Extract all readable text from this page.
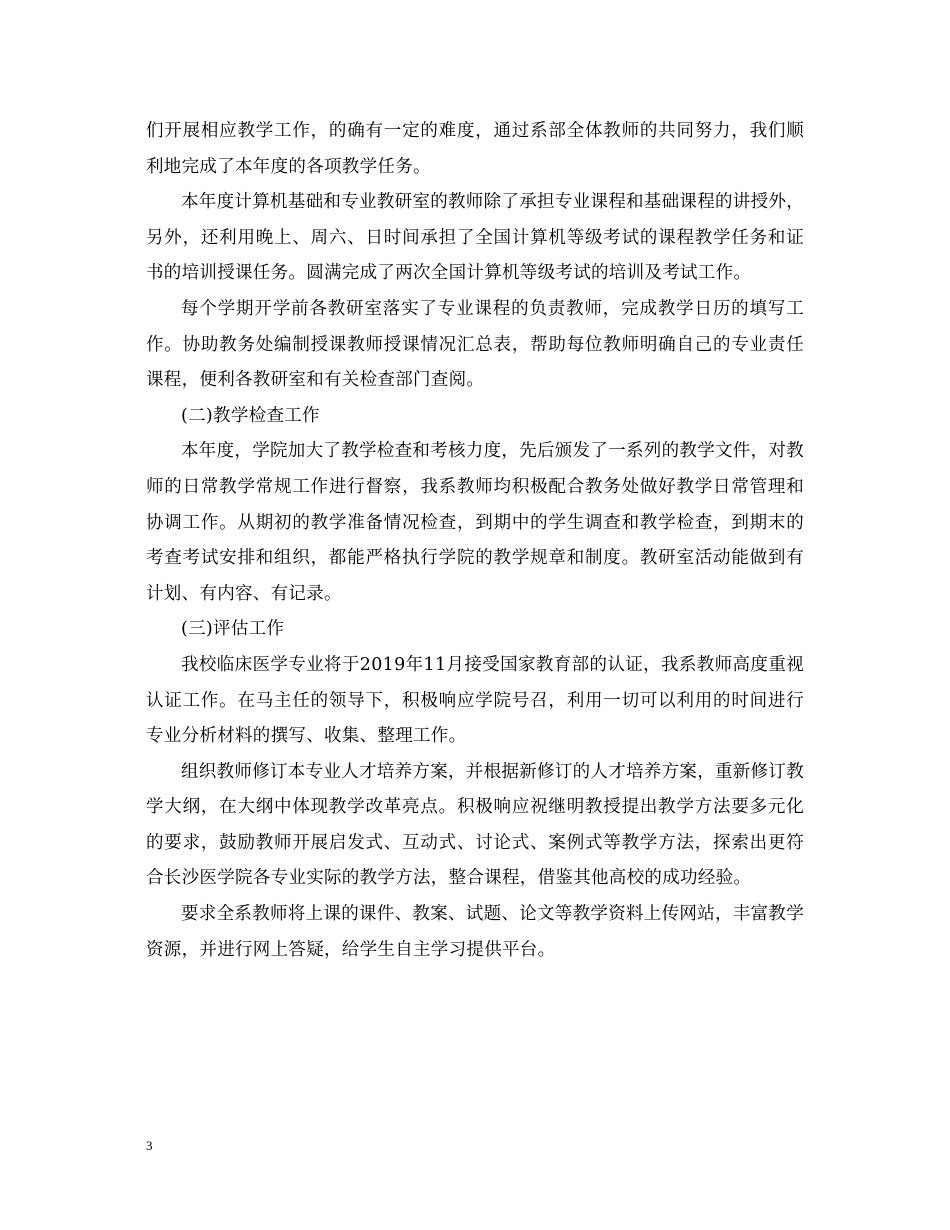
们开展相应教学工作，的确有一定的难度，通过系部全体教师的共同努力，我们顺利地完成了本年度的各项教学任务。

本年度计算机基础和专业教研室的教师除了承担专业课程和基础课程的讲授外，另外，还利用晚上、周六、日时间承担了全国计算机等级考试的课程教学任务和证书的培训授课任务。圆满完成了两次全国计算机等级考试的培训及考试工作。

每个学期开学前各教研室落实了专业课程的负责教师，完成教学日历的填写工作。协助教务处编制授课教师授课情况汇总表，帮助每位教师明确自己的专业责任课程，便利各教研室和有关检查部门查阅。

(二)教学检查工作

本年度，学院加大了教学检查和考核力度，先后颁发了一系列的教学文件，对教师的日常教学常规工作进行督察，我系教师均积极配合教务处做好教学日常管理和协调工作。从期初的教学准备情况检查，到期中的学生调查和教学检查，到期末的考查考试安排和组织，都能严格执行学院的教学规章和制度。教研室活动能做到有计划、有内容、有记录。

(三)评估工作

我校临床医学专业将于2019年11月接受国家教育部的认证，我系教师高度重视认证工作。在马主任的领导下，积极响应学院号召，利用一切可以利用的时间进行专业分析材料的撰写、收集、整理工作。

组织教师修订本专业人才培养方案，并根据新修订的人才培养方案，重新修订教学大纲，在大纲中体现教学改革亮点。积极响应祝继明教授提出教学方法要多元化的要求，鼓励教师开展启发式、互动式、讨论式、案例式等教学方法，探索出更符合长沙医学院各专业实际的教学方法，整合课程，借鉴其他高校的成功经验。

要求全系教师将上课的课件、教案、试题、论文等教学资料上传网站，丰富教学资源，并进行网上答疑，给学生自主学习提供平台。

3
